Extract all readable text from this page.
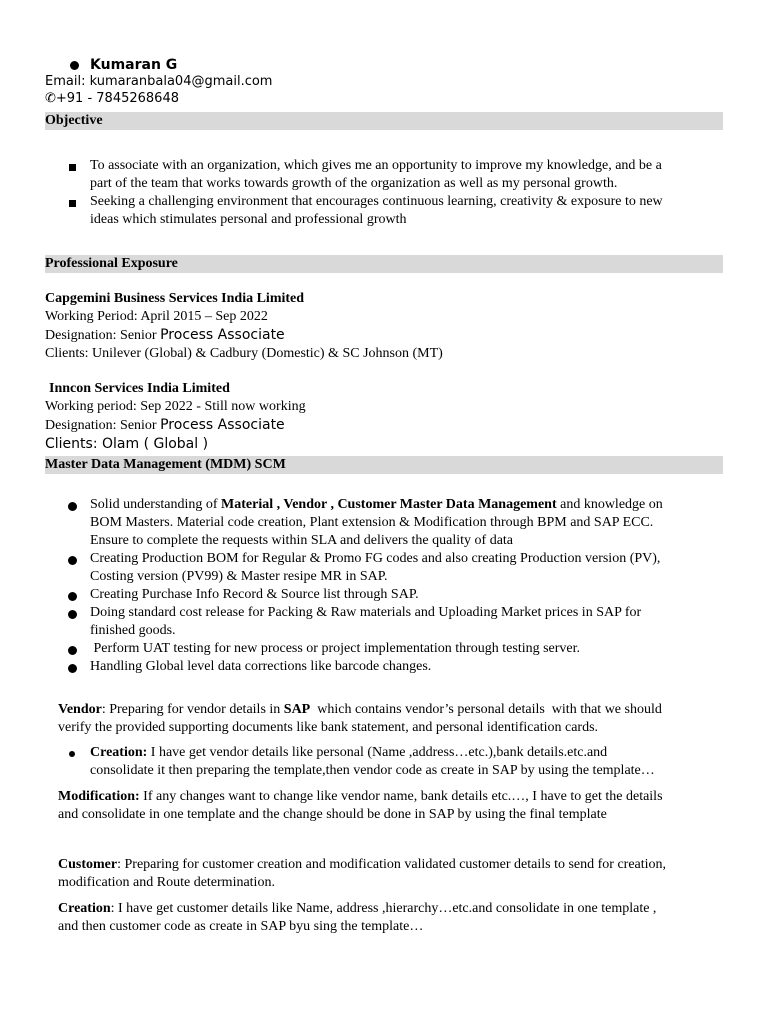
Kumaran G
Email: kumaranbala04@gmail.com
✆+91 - 7845268648
Objective
To associate with an organization, which gives me an opportunity to improve my knowledge, and be a
part of the team that works towards growth of the organization as well as my personal growth.
Seeking a challenging environment that encourages continuous learning, creativity & exposure to new
ideas which stimulates personal and professional growth
Professional Exposure
Capgemini Business Services India Limited
Working Period: April 2015 – Sep 2022
Designation: Senior Process Associate
Clients: Unilever (Global) & Cadbury (Domestic) & SC Johnson (MT)
Inncon Services India Limited
Working period: Sep 2022 - Still now working
Designation: Senior Process Associate
Clients: Olam ( Global )
Master Data Management (MDM) SCM
Solid understanding of Material , Vendor , Customer Master Data Management and knowledge on
BOM Masters. Material code creation, Plant extension & Modification through BPM and SAP ECC.
Ensure to complete the requests within SLA and delivers the quality of data
Creating Production BOM for Regular & Promo FG codes and also creating Production version (PV),
Costing version (PV99) & Master resipe MR in SAP.
Creating Purchase Info Record & Source list through SAP.
Doing standard cost release for Packing & Raw materials and Uploading Market prices in SAP for
finished goods.
Perform UAT testing for new process or project implementation through testing server.
Handling Global level data corrections like barcode changes.
Vendor: Preparing for vendor details in SAP  which contains vendor’s personal details  with that we should
verify the provided supporting documents like bank statement, and personal identification cards.
Creation: I have get vendor details like personal (Name ,address…etc.),bank details.etc.and
consolidate it then preparing the template,then vendor code as create in SAP by using the template…
Modification: If any changes want to change like vendor name, bank details etc.…, I have to get the details
and consolidate in one template and the change should be done in SAP by using the final template
Customer: Preparing for customer creation and modification validated customer details to send for creation,
modification and Route determination.
Creation: I have get customer details like Name, address ,hierarchy…etc.and consolidate in one template ,
and then customer code as create in SAP byu sing the template…
